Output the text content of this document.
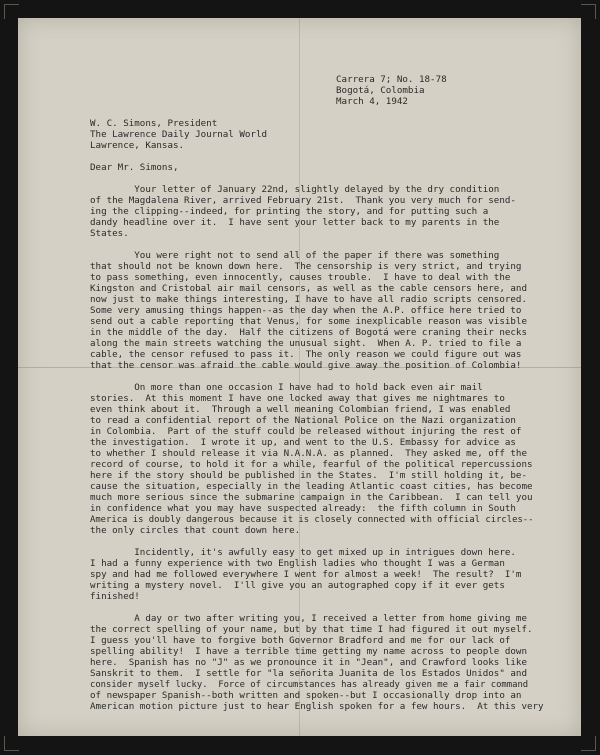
Carrera 7; No. 18-78
Bogotá, Colombia
March 4, 1942
W. C. Simons, President
The Lawrence Daily Journal World
Lawrence, Kansas.
Dear Mr. Simons,
Your letter of January 22nd, slightly delayed by the dry condition
of the Magdalena River, arrived February 21st.  Thank you very much for send-
ing the clipping--indeed, for printing the story, and for putting such a
dandy headline over it.  I have sent your letter back to my parents in the
States.
You were right not to send all of the paper if there was something
that should not be known down here.  The censorship is very strict, and trying
to pass something, even innocently, causes trouble.  I have to deal with the
Kingston and Cristobal air mail censors, as well as the cable censors here, and
now just to make things interesting, I have to have all radio scripts censored.
Some very amusing things happen--as the day when the A.P. office here tried to
send out a cable reporting that Venus, for some inexplicable reason was visible
in the middle of the day.  Half the citizens of Bogotá were craning their necks
along the main streets watching the unusual sight.  When A. P. tried to file a
cable, the censor refused to pass it.  The only reason we could figure out was
that the censor was afraid the cable would give away the position of Colombia!
On more than one occasion I have had to hold back even air mail
stories.  At this moment I have one locked away that gives me nightmares to
even think about it.  Through a well meaning Colombian friend, I was enabled
to read a confidential report of the National Police on the Nazi organization
in Colombia.  Part of the stuff could be released without injuring the rest of
the investigation.  I wrote it up, and went to the U.S. Embassy for advice as
to whether I should release it via N.A.N.A. as planned.  They asked me, off the
record of course, to hold it for a while, fearful of the political repercussions
here if the story should be published in the States.  I'm still holding it, be-
cause the situation, especially in the leading Atlantic coast cities, has become
much more serious since the submarine campaign in the Caribbean.  I can tell you
in confidence what you may have suspected already:  the fifth column in South
America is doubly dangerous because it is closely connected with official circles--
the only circles that count down here.
Incidently, it's awfully easy to get mixed up in intrigues down here.
I had a funny experience with two English ladies who thought I was a German
spy and had me followed everywhere I went for almost a week!  The result?  I'm
writing a mystery novel.  I'll give you an autographed copy if it ever gets
finished!
A day or two after writing you, I received a letter from home giving me
the correct spelling of your name, but by that time I had figured it out myself.
I guess you'll have to forgive both Governor Bradford and me for our lack of
spelling ability!  I have a terrible time getting my name across to people down
here.  Spanish has no "J" as we pronounce it in "Jean", and Crawford looks like
Sanskrit to them.  I settle for "la señorita Juanita de los Estados Unidos" and
consider myself lucky.  Force of circumstances has already given me a fair command
of newspaper Spanish--both written and spoken--but I occasionally drop into an
American motion picture just to hear English spoken for a few hours.  At this very
